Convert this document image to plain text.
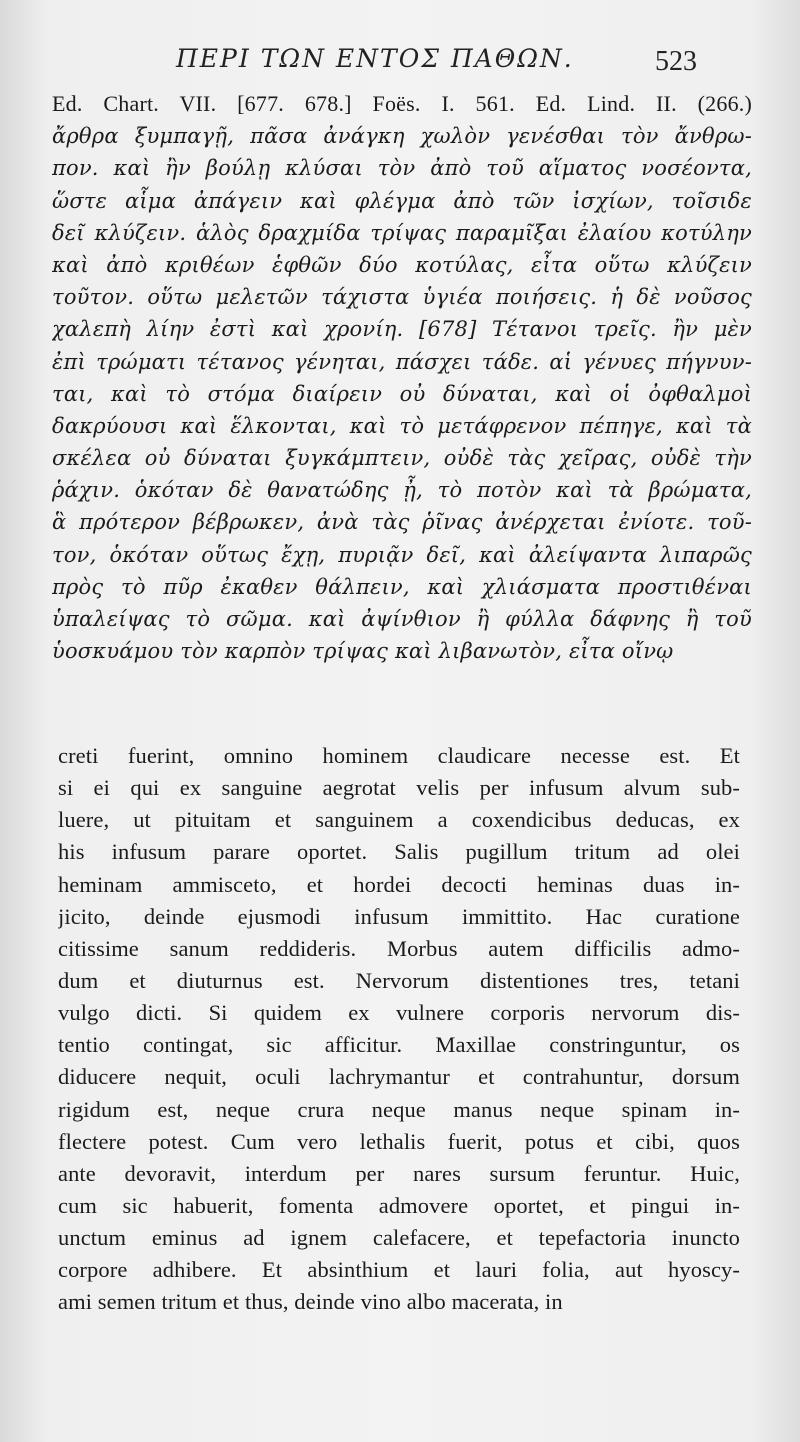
ΠΕΡΙ ΤΩΝ ΕΝΤΟΣ ΠΑΘΩΝ.	523
Ed. Chart. VII. [677. 678.] Foës. I. 561. Ed. Lind. II. (266.)
ἄρθρα ξυμπαγῇ, πᾶσα ἀνάγκη χωλὸν γενέσθαι τὸν ἄνθρω-
πον. καὶ ἢν βούλῃ κλύσαι τὸν ἀπὸ τοῦ αἵματος νοσέοντα,
ὥστε αἷμα ἀπάγειν καὶ φλέγμα ἀπὸ τῶν ἰσχίων, τοῖσιδε
δεῖ κλύζειν. ἁλὸς δραχμίδα τρίψας παραμῖξαι ἐλαίου κοτύλην
καὶ ἀπὸ κριθέων ἑφθῶν δύο κοτύλας, εἶτα οὕτω κλύζειν
τοῦτον. οὕτω μελετῶν τάχιστα ὑγιέα ποιήσεις. ἡ δὲ νοῦσος
χαλεπὴ λίην ἐστὶ καὶ χρονίη. [678] Τέτανοι τρεῖς. ἢν μὲν
ἐπὶ τρώματι τέτανος γένηται, πάσχει τάδε. αἱ γένυες πήγνυν-
ται, καὶ τὸ στόμα διαίρειν οὐ δύναται, καὶ οἱ ὀφθαλμοὶ
δακρύουσι καὶ ἕλκονται, καὶ τὸ μετάφρενον πέπηγε, καὶ τὰ
σκέλεα οὐ δύναται ξυγκάμπτειν, οὐδὲ τὰς χεῖρας, οὐδὲ τὴν
ῥάχιν. ὁκόταν δὲ θανατώδης ᾖ, τὸ ποτὸν καὶ τὰ βρώματα,
ἃ πρότερον βέβρωκεν, ἀνὰ τὰς ῥῖνας ἀνέρχεται ἐνίοτε. τοῦ-
τον, ὁκόταν οὕτως ἔχῃ, πυριᾷν δεῖ, καὶ ἀλείψαντα λιπαρῶς
πρὸς τὸ πῦρ ἐκαθεν θάλπειν, καὶ χλιάσματα προστιθέναι
ὑπαλείψας τὸ σῶμα. καὶ ἀψίνθιον ἢ φύλλα δάφνης ἢ τοῦ
ὑοσκυάμου τὸν καρπὸν τρίψας καὶ λιβανωτὸν, εἶτα οἴνῳ
creti fuerint, omnino hominem claudicare necesse est. Et
si ei qui ex sanguine aegrotat velis per infusum alvum sub-
luere, ut pituitam et sanguinem a coxendicibus deducas, ex
his infusum parare oportet. Salis pugillum tritum ad olei
heminam ammisceto, et hordei decocti heminas duas in-
jicito, deinde ejusmodi infusum immittito. Hac curatione
citissime sanum reddideris. Morbus autem difficilis admo-
dum et diuturnus est. Nervorum distentiones tres, tetani
vulgo dicti. Si quidem ex vulnere corporis nervorum dis-
tentio contingat, sic afficitur. Maxillae constringuntur, os
diducere nequit, oculi lachrymantur et contrahuntur, dorsum
rigidum est, neque crura neque manus neque spinam in-
flectere potest. Cum vero lethalis fuerit, potus et cibi, quos
ante devoravit, interdum per nares sursum feruntur. Huic,
cum sic habuerit, fomenta admovere oportet, et pingui in-
unctum eminus ad ignem calefacere, et tepefactoria inuncto
corpore adhibere. Et absinthium et lauri folia, aut hyoscy-
ami semen tritum et thus, deinde vino albo macerata, in
